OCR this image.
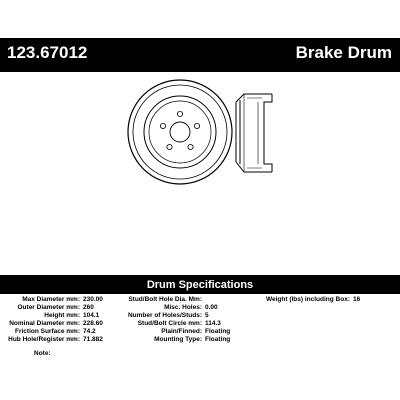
123.67012	Brake Drum
Drum Specifications
Max Diameter mm: 230.00
Outer Diameter mm: 260
Height mm: 104.1
Nominal Diameter mm: 228.60
Friction Surface mm: 74.2
Hub Hole/Register mm: 71.882
Stud/Bolt Hole Dia. Mm:
Misc. Holes: 0.00
Number of Holes/Studs: 5
Stud/Bolt Circle mm: 114.3
Plain/Finned: Floating
Mounting Type: Floating
Weight (lbs) including Box: 16
Note:
